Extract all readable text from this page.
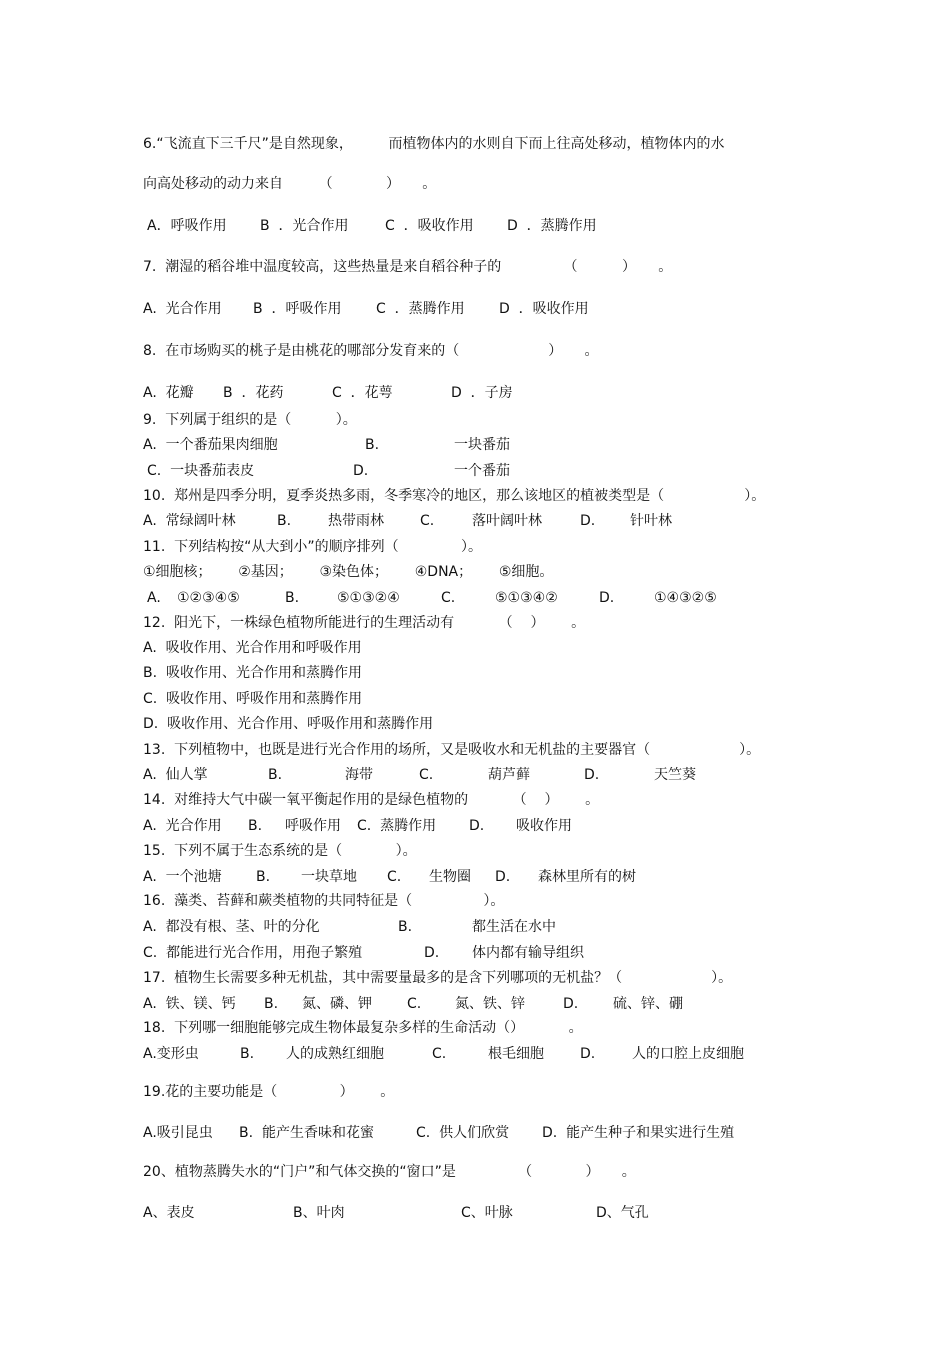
6.“飞流直下三千尺”是自然现象，        而植物体内的水则自下而上往高处移动，植物体内的水
向高处移动的动力来自        （            ）     。

A．呼吸作用

B  ．光合作用

	C  ．吸收作用

D  ．蒸腾作用

7.  潮湿的稻谷堆中温度较高，这些热量是来自稻谷种子的              （          ）     。

A.  光合作用

B  ．呼吸作用

C  ．蒸腾作用

D  ．吸收作用

8.  在市场购买的桃子是由桃花的哪部分发育来的（                    ）     。

A.  花瓣

B  ．花药

	C  ．花萼

	D  ．子房

9.  下列属于组织的是（          ）。

A.  一个番茄果肉细胞

	B.

	一块番茄

C.  一块番茄表皮

	D.

	一个番茄

10.  郑州是四季分明，夏季炎热多雨，冬季寒冷的地区，那么该地区的植被类型是（                  ）。

A.  常绿阔叶林

	B.

	热带雨林

	C.

	落叶阔叶林

	D.

针叶林

11.  下列结构按“从大到小”的顺序排列（              ）。
①细胞核；      ②基因；      ③染色体；      ④DNA；      ⑤细胞。

A.

①②③④⑤

	B.

	⑤①③②④

	C.

	⑤①③④②

	D.

	①④③②⑤

12.  阳光下，一株绿色植物所能进行的生理活动有          （    ）      。
A.  吸收作用、光合作用和呼吸作用
B.  吸收作用、光合作用和蒸腾作用
C.  吸收作用、呼吸作用和蒸腾作用
D.  吸收作用、光合作用、呼吸作用和蒸腾作用
13.  下列植物中，也既是进行光合作用的场所，又是吸收水和无机盐的主要器官（                    ）。

A.  仙人掌

	B.

	海带

	C.

	葫芦藓

	D.

	天竺葵

14.  对维持大气中碳一氧平衡起作用的是绿色植物的          （    ）      。

A.  光合作用

B.

呼吸作用

C.  蒸腾作用

D.

吸收作用

15.  下列不属于生态系统的是（            ）。

A.  一个池塘

B.

一块草地

C.

生物圈

D.

森林里所有的树

16.  藻类、苔藓和蕨类植物的共同特征是（                ）。

A.  都没有根、茎、叶的分化

	B.

	都生活在水中

C.  都能进行光合作用，用孢子繁殖

	D.

体内都有输导组织

17.  植物生长需要多种无机盐，其中需要量最多的是含下列哪项的无机盐？（                    ）。

A.  铁、镁、钙

B.

氮、磷、钾

	C.

氮、铁、锌

	D.

硫、锌、硼

18.  下列哪一细胞能够完成生物体最复杂多样的生命活动（）          。

A.变形虫

	B.

人的成熟红细胞

	C.

	根毛细胞

	D.

	人的口腔上皮细胞

19.花的主要功能是（              ）      。

A.吸引昆虫

B.  能产生香味和花蜜

	C.  供人们欣赏

D.  能产生种子和果实进行生殖

20、植物蒸腾失水的“门户”和气体交换的“窗口”是              （            ）     。

A、表皮

	B、叶肉

	C、叶脉

	D、气孔
